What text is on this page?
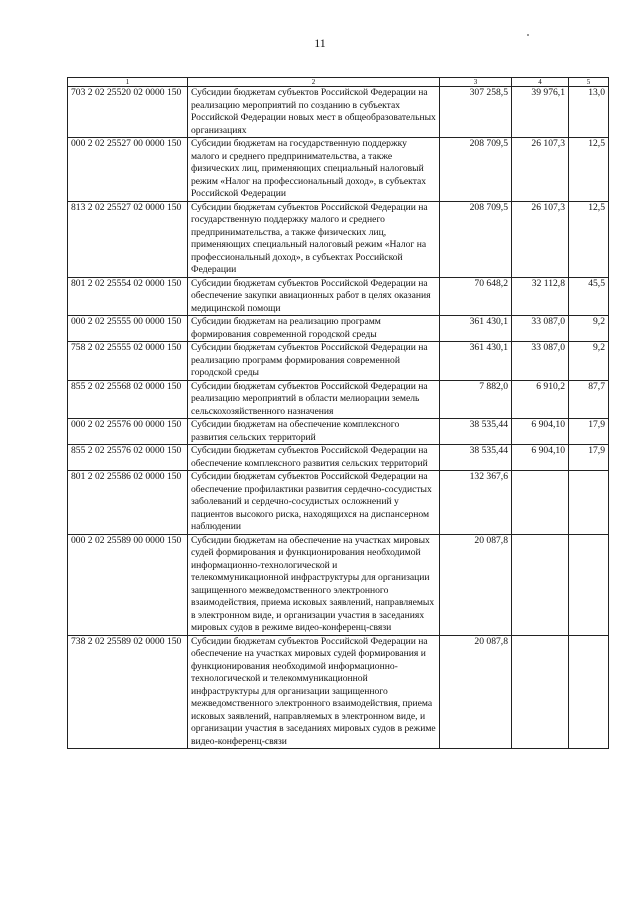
11
1	2	3	4	5
703 2 02 25520 02 0000 150	Субсидии бюджетам субъектов Российской Федерации на реализацию мероприятий по созданию в субъектах Российской Федерации новых мест в общеобразовательных организациях	307 258,5	39 976,1	13,0
000 2 02 25527 00 0000 150	Субсидии бюджетам на государственную поддержку малого и среднего предпринимательства, а также физических лиц, применяющих специальный налоговый режим «Налог на профессиональный доход», в субъектах Российской Федерации	208 709,5	26 107,3	12,5
813 2 02 25527 02 0000 150	Субсидии бюджетам субъектов Российской Федерации на государственную поддержку малого и среднего предпринимательства, а также физических лиц, применяющих специальный налоговый режим «Налог на профессиональный доход», в субъектах Российской Федерации	208 709,5	26 107,3	12,5
801 2 02 25554 02 0000 150	Субсидии бюджетам субъектов Российской Федерации на обеспечение закупки авиационных работ в целях оказания медицинской помощи	70 648,2	32 112,8	45,5
000 2 02 25555 00 0000 150	Субсидии бюджетам на реализацию программ формирования современной городской среды	361 430,1	33 087,0	9,2
758 2 02 25555 02 0000 150	Субсидии бюджетам субъектов Российской Федерации на реализацию программ формирования современной городской среды	361 430,1	33 087,0	9,2
855 2 02 25568 02 0000 150	Субсидии бюджетам субъектов Российской Федерации на реализацию мероприятий в области мелиорации земель сельскохозяйственного назначения	7 882,0	6 910,2	87,7
000 2 02 25576 00 0000 150	Субсидии бюджетам на обеспечение комплексного развития сельских территорий	38 535,44	6 904,10	17,9
855 2 02 25576 02 0000 150	Субсидии бюджетам субъектов Российской Федерации на обеспечение комплексного развития сельских территорий	38 535,44	6 904,10	17,9
801 2 02 25586 02 0000 150	Субсидии бюджетам субъектов Российской Федерации на обеспечение профилактики развития сердечно-сосудистых заболеваний и сердечно-сосудистых осложнений у пациентов высокого риска, находящихся на диспансерном наблюдении	132 367,6		
000 2 02 25589 00 0000 150	Субсидии бюджетам на обеспечение на участках мировых судей формирования и функционирования необходимой информационно-технологической и телекоммуникационной инфраструктуры для организации защищенного межведомственного электронного взаимодействия, приема исковых заявлений, направляемых в электронном виде, и организации участия в заседаниях мировых судов в режиме видео-конференц-связи	20 087,8		
738 2 02 25589 02 0000 150	Субсидии бюджетам субъектов Российской Федерации на обеспечение на участках мировых судей формирования и функционирования необходимой информационно-технологической и телекоммуникационной инфраструктуры для организации защищенного межведомственного электронного взаимодействия, приема исковых заявлений, направляемых в электронном виде, и организации участия в заседаниях мировых судов в режиме видео-конференц-связи	20 087,8		
